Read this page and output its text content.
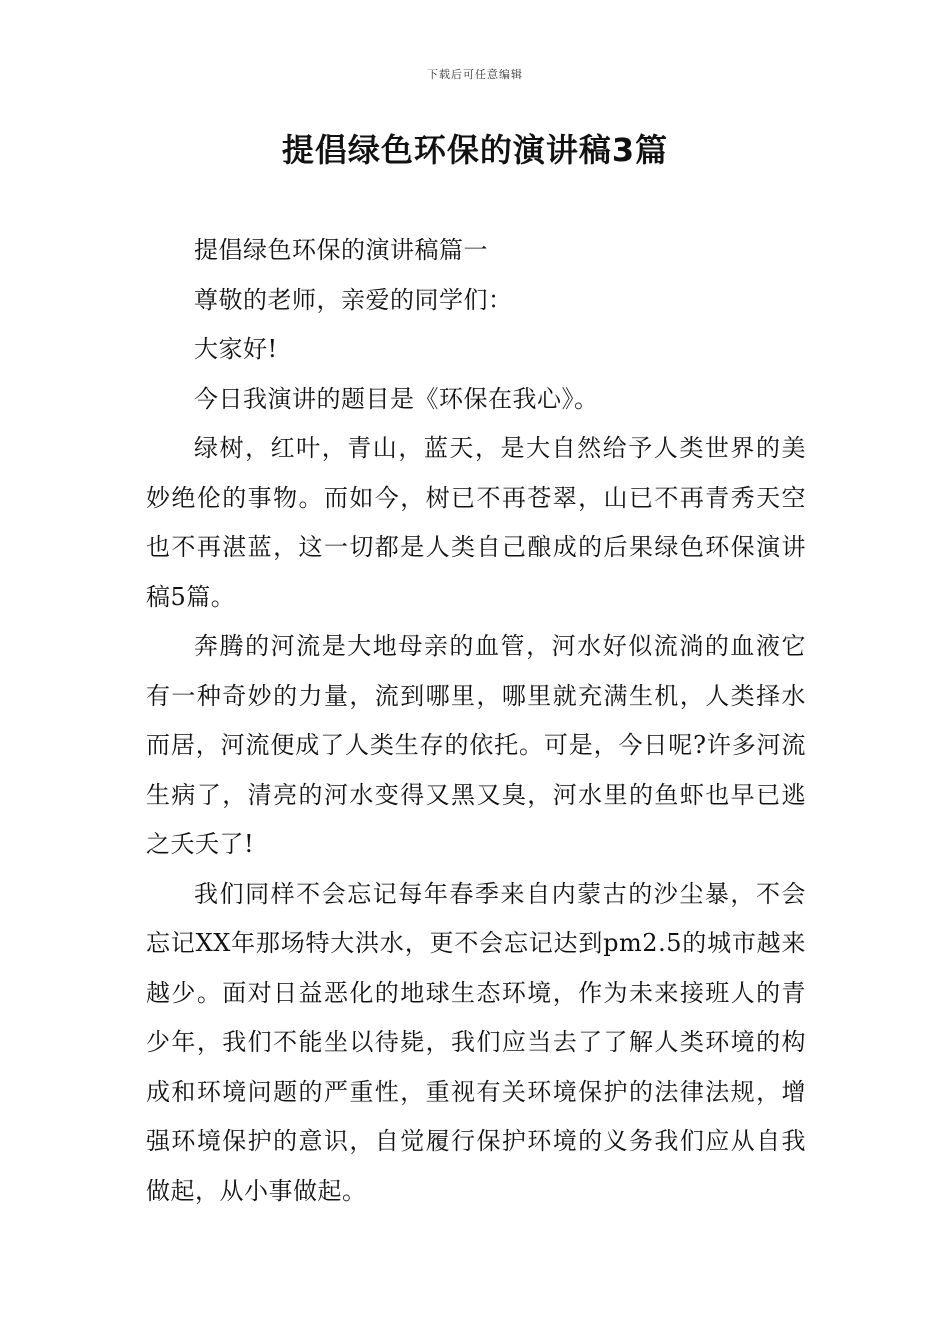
下载后可任意编辑
提倡绿色环保的演讲稿3篇

提倡绿色环保的演讲稿篇一

尊敬的老师，亲爱的同学们：

大家好!

今日我演讲的题目是《环保在我心》。

绿树，红叶，青山，蓝天，是大自然给予人类世界的美妙绝伦的事物。而如今，树已不再苍翠，山已不再青秀天空也不再湛蓝，这一切都是人类自己酿成的后果绿色环保演讲稿5篇。

奔腾的河流是大地母亲的血管，河水好似流淌的血液它有一种奇妙的力量，流到哪里，哪里就充满生机，人类择水而居，河流便成了人类生存的依托。可是，今日呢?许多河流生病了，清亮的河水变得又黑又臭，河水里的鱼虾也早已逃之夭夭了!

我们同样不会忘记每年春季来自内蒙古的沙尘暴，不会忘记XX年那场特大洪水，更不会忘记达到pm2.5的城市越来越少。面对日益恶化的地球生态环境，作为未来接班人的青少年，我们不能坐以待毙，我们应当去了了解人类环境的构成和环境问题的严重性，重视有关环境保护的法律法规，增强环境保护的意识，自觉履行保护环境的义务我们应从自我做起，从小事做起。
